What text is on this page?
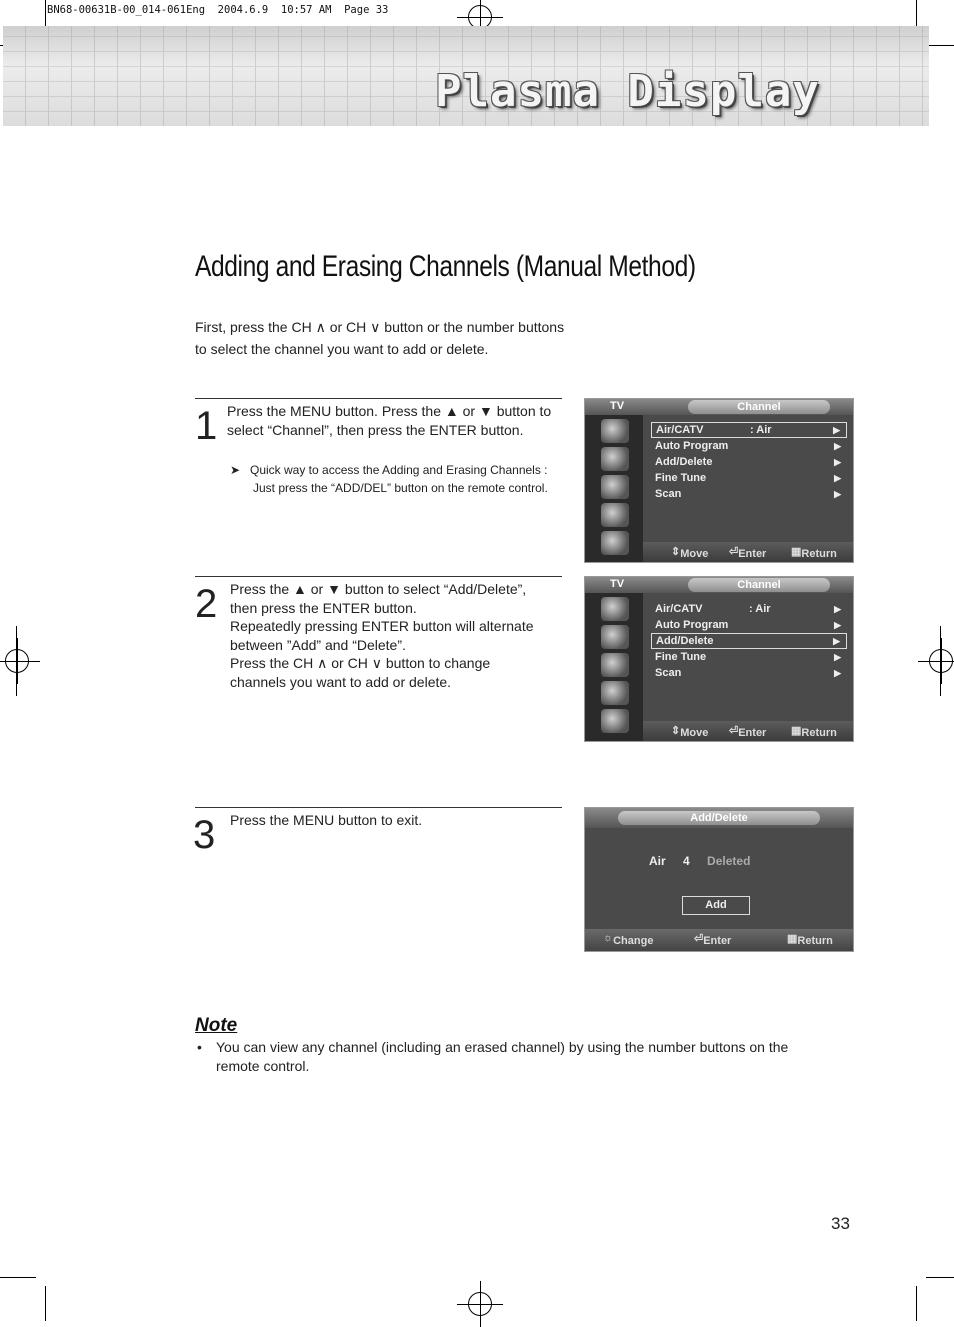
BN68-00631B-00_014-061Eng  2004.6.9  10:57 AM  Page 33
Plasma Display
Adding and Erasing Channels (Manual Method)
First, press the CH ∧ or CH ∨ button or the number buttons
to select the channel you want to add or delete.
1 Press the MENU button. Press the ▲ or ▼ button to
select “Channel”, then press the ENTER button.
➤ Quick way to access the Adding and Erasing Channels :
Just press the “ADD/DEL” button on the remote control.
TV	Channel
Air/CATV	: Air	▶
Auto Program	▶
Add/Delete	▶
Fine Tune	▶
Scan	▶
⇕ Move ⏎ Enter ▦ Return
2 Press the ▲ or ▼ button to select “Add/Delete”,
then press the ENTER button.
Repeatedly pressing ENTER button will alternate
between ”Add” and “Delete”.
Press the CH ∧ or CH ∨ button to change
channels you want to add or delete.
TV	Channel
Air/CATV	: Air	▶
Auto Program	▶
Add/Delete	▶
Fine Tune	▶
Scan	▶
⇕ Move ⏎ Enter ▦ Return
3 Press the MENU button to exit.	Add/Delete
Air 4 Deleted
Add
☼ Change	⏎ Enter	▦ Return
Note
•	You can view any channel (including an erased channel) by using the number buttons on the remote control.
33
